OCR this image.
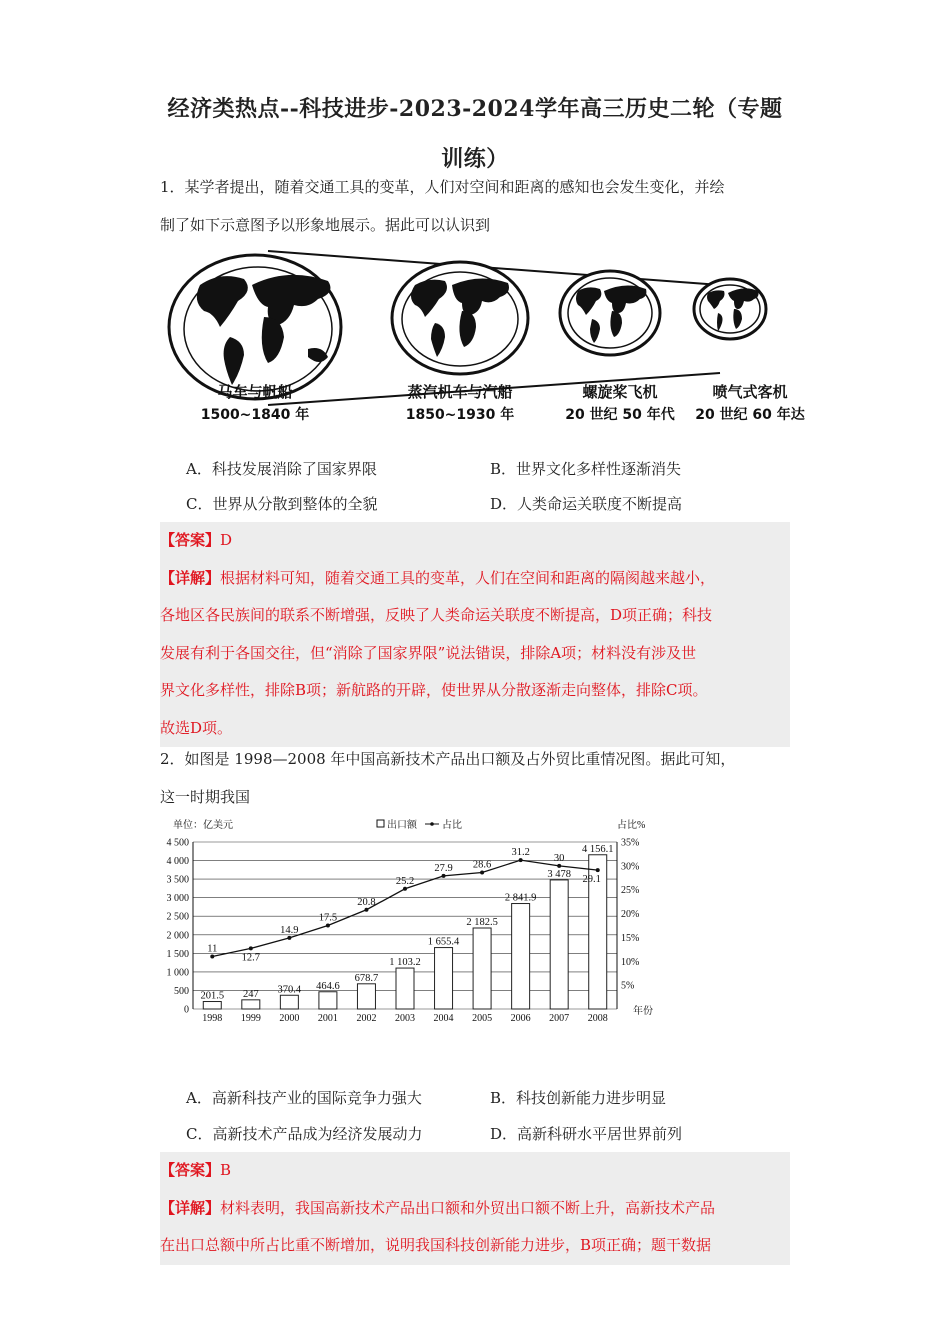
经济类热点--科技进步-2023-2024学年高三历史二轮（专题
训练）
1．某学者提出，随着交通工具的变革，人们对空间和距离的感知也会发生变化，并绘
制了如下示意图予以形象地展示。据此可以认识到
马车与帆船
1500~1840 年
蒸汽机车与汽船
1850~1930 年
螺旋桨飞机
20 世纪 50 年代
喷气式客机
20 世纪 60 年达
A．科技发展消除了国家界限	B．世界文化多样性逐渐消失
C．世界从分散到整体的全貌	D．人类命运关联度不断提高
【答案】D
【详解】根据材料可知，随着交通工具的变革，人们在空间和距离的隔阂越来越小，
各地区各民族间的联系不断增强，反映了人类命运关联度不断提高，D项正确；科技
发展有利于各国交往，但“消除了国家界限”说法错误，排除A项；材料没有涉及世
界文化多样性，排除B项；新航路的开辟，使世界从分散逐渐走向整体，排除C项。
故选D项。
2．如图是 1998—2008 年中国高新技术产品出口额及占外贸比重情况图。据此可知，
这一时期我国
单位：亿美元	出口额	占比	占比%
年份
0
500
1 000
1 500
2 000
2 500
3 000
3 500
4 000
4 500
5%
10%
15%
20%
25%
30%
35%
201.5
1998
247
1999
370.4
2000
464.6
2001
678.7
2002
1 103.2
2003
1 655.4
2004
2 182.5
2005
2 841.9
2006
3 478
2007
4 156.1
2008
11
12.7
14.9
17.5
20.8
25.2
27.9 28.6
31.2
30
29.1
A．高新科技产业的国际竞争力强大	B．科技创新能力进步明显
C．高新技术产品成为经济发展动力	D．高新科研水平居世界前列
【答案】B
【详解】材料表明，我国高新技术产品出口额和外贸出口额不断上升，高新技术产品
在出口总额中所占比重不断增加，说明我国科技创新能力进步，B项正确；题干数据
